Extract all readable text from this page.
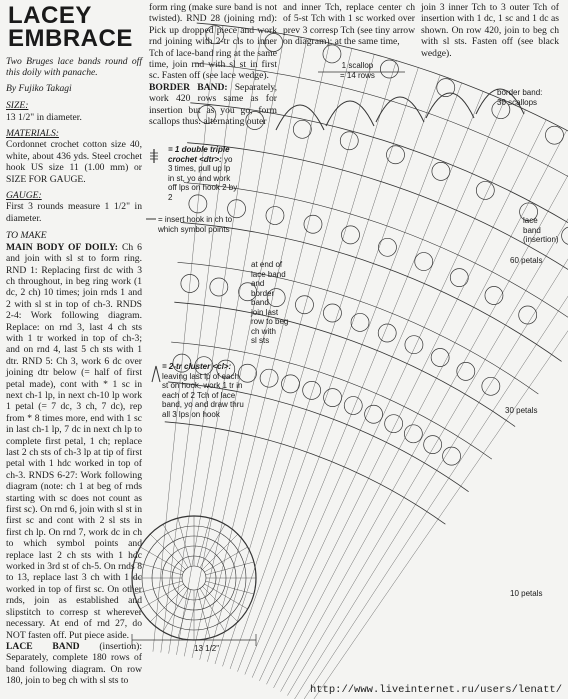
LACEY
EMBRACE

Two Bruges lace bands round off this doily with panache.

By Fujiko Takagi

SIZE:

13 1/2" in diameter.

MATERIALS:

Cordonnet crochet cotton size 40, white, about 436 yds. Steel crochet hook US size 11 (1.00 mm) or SIZE FOR GAUGE.

GAUGE:

First 3 rounds measure 1 1/2" in diameter.

TO MAKE

MAIN BODY OF DOILY: Ch 6 and join with sl st to form ring. RND 1: Replacing first dc with 3 ch throughout, in beg ring work (1 dc, 2 ch) 10 times; join rnds 1 and 2 with sl st in top of ch-3. RNDS 2-4: Work following diagram. Replace: on rnd 3, last 4 ch sts with 1 tr worked in top of ch-3; and on rnd 4, last 5 ch sts with 1 dtr. RND 5: Ch 3, work 6 dc over joining dtr below (= half of first petal made), cont with * 1 sc in next ch-1 lp, in next ch-10 lp work 1 petal (= 7 dc, 3 ch, 7 dc), rep from * 8 times more, end with 1 sc in last ch-1 lp, 7 dc in next ch lp to complete first petal, 1 ch; replace last 2 ch sts of ch-3 lp at tip of first petal with 1 hdc worked in top of ch-3. RNDS 6-27: Work following diagram (note: ch 1 at beg of rnds starting with sc does not count as first sc). On rnd 6, join with sl st in first sc and cont with 2 sl sts in first ch lp. On rnd 7, work dc in ch to which symbol points and replace last 2 ch sts with 1 hdc worked in 3rd st of ch-5. On rnds 8 to 13, replace last 3 ch with 1 dc worked in top of first sc. On other rnds, join as established and slipstitch to corresp st wherever necessary. At end of rnd 27, do NOT fasten off. Put piece aside.

LACE BAND (insertion): Separately, complete 180 rows of band following diagram. On row 180, join to beg ch with sl sts to

form ring (make sure band is not twisted). RND 28 (joining rnd): Pick up dropped piece and work rnd joining with 2-tr cls to inner Tch of lace-band ring at the same time, join rnd with sl st in first sc. Fasten off (see lace wedge).

BORDER BAND: Separately, work 420 rows same as for insertion but as you go, form scallops thus: alternating outer

and inner Tch, replace center ch of 5-st Tch with 1 sc worked over prev 3 corresp Tch (see tiny arrow on diagram); at the same time,
join 3 inner Tch to 3 outer Tch of insertion with 1 dc, 1 sc and 1 dc as shown. On row 420, join to beg ch with sl sts. Fasten off (see black wedge).
1 scallop
= 14 rows
border band:
30 scallops
lace
band
(insertion)
60 petals
30 petals
10 petals
at end of
lace band
and
border
band
join last
row to beg
ch with
sl sts
13 1/2"
= 1 double triple crochet <dtr>: yo 3 times, pull up lp in st, yo and work off lps on hook 2 by 2
= insert hook in ch to which symbol points
= 2-tr cluster <cl>: leaving last lp of each st on hook, work 1 tr in each of 2 Tch of lace band, yo and draw thru all 3 lps on hook
http://www.liveinternet.ru/users/lenatt/
